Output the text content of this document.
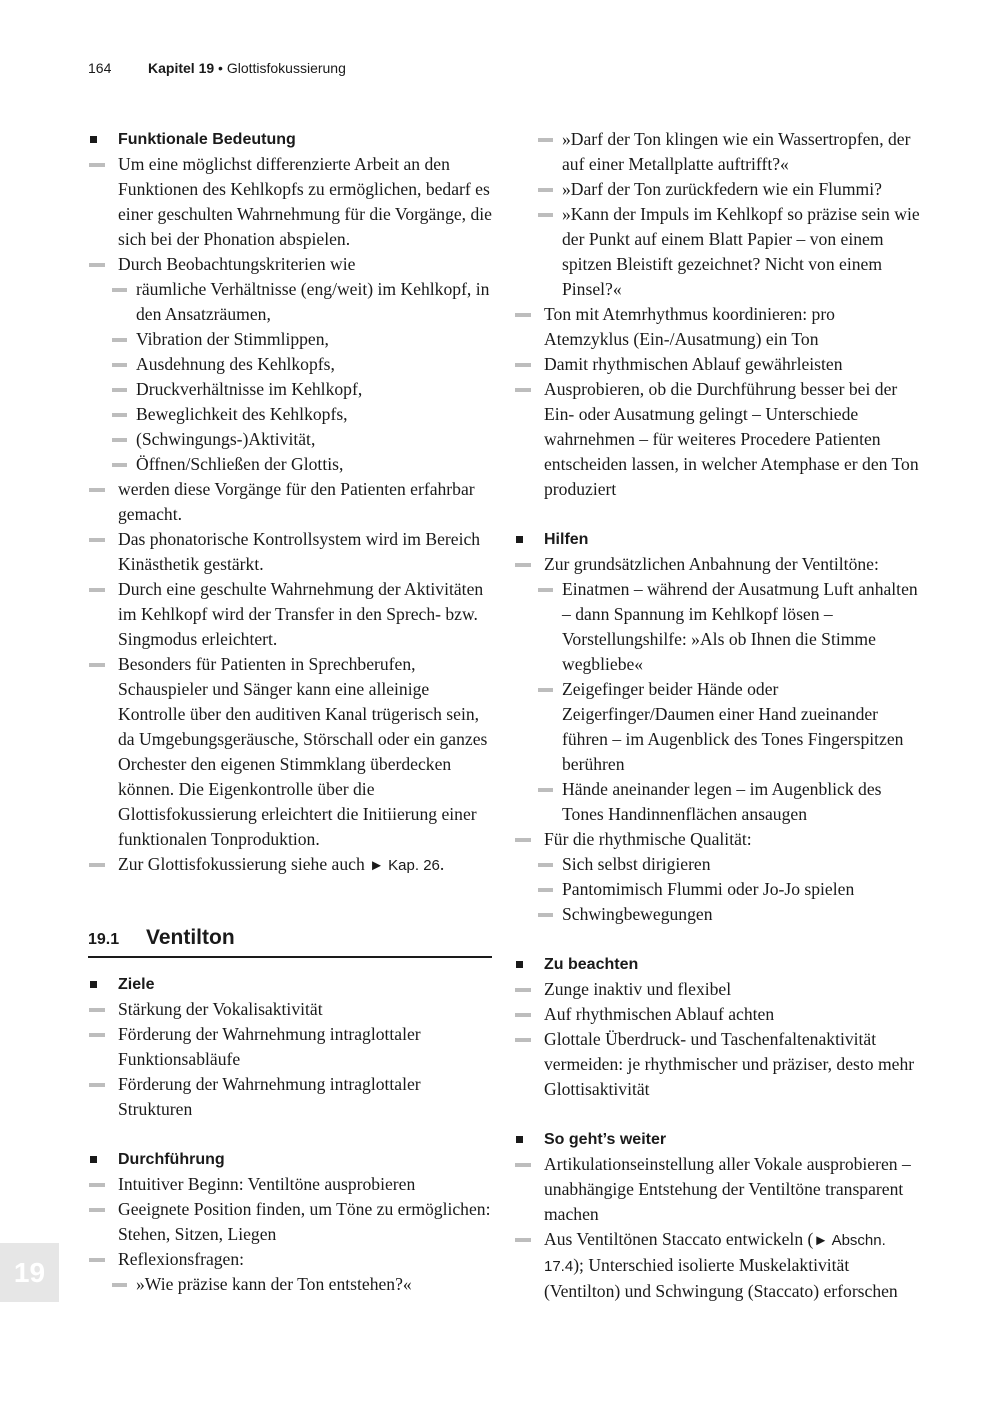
164	Kapitel 19 • Glottisfokussierung
Funktionale Bedeutung
Um eine möglichst differenzierte Arbeit an den Funktionen des Kehlkopfs zu ermöglichen, bedarf es einer geschulten Wahrnehmung für die Vorgänge, die sich bei der Phonation abspielen.
Durch Beobachtungskriterien wie
räumliche Verhältnisse (eng/weit) im Kehlkopf, in den Ansatzräumen,
Vibration der Stimmlippen,
Ausdehnung des Kehlkopfs,
Druckverhältnisse im Kehlkopf,
Beweglichkeit des Kehlkopfs,
(Schwingungs-)Aktivität,
Öffnen/Schließen der Glottis,
werden diese Vorgänge für den Patienten erfahrbar gemacht.
Das phonatorische Kontrollsystem wird im Bereich Kinästhetik gestärkt.
Durch eine geschulte Wahrnehmung der Aktivitäten im Kehlkopf wird der Transfer in den Sprech- bzw. Singmodus erleichtert.
Besonders für Patienten in Sprechberufen, Schauspieler und Sänger kann eine alleinige Kontrolle über den auditiven Kanal trügerisch sein, da Umgebungsgeräusche, Störschall oder ein ganzes Orchester den eigenen Stimmklang überdecken können. Die Eigenkontrolle über die Glottisfokussierung erleichtert die Initiierung einer funktionalen Tonproduktion.
Zur Glottisfokussierung siehe auch ► Kap. 26.
19.1 Ventilton
Ziele
Stärkung der Vokalisaktivität
Förderung der Wahrnehmung intraglottaler Funktionsabläufe
Förderung der Wahrnehmung intraglottaler Strukturen
Durchführung
Intuitiver Beginn: Ventiltöne ausprobieren
Geeignete Position finden, um Töne zu ermöglichen: Stehen, Sitzen, Liegen
Reflexionsfragen:
»Wie präzise kann der Ton entstehen?«
»Darf der Ton klingen wie ein Wassertropfen, der auf einer Metallplatte auftrifft?«
»Darf der Ton zurückfedern wie ein Flummi?
»Kann der Impuls im Kehlkopf so präzise sein wie der Punkt auf einem Blatt Papier – von einem spitzen Bleistift gezeichnet? Nicht von einem Pinsel?«
Ton mit Atemrhythmus koordinieren: pro Atemzyklus (Ein-/Ausatmung) ein Ton
Damit rhythmischen Ablauf gewährleisten
Ausprobieren, ob die Durchführung besser bei der Ein- oder Ausatmung gelingt – Unterschiede wahrnehmen – für weiteres Procedere Patienten entscheiden lassen, in welcher Atemphase er den Ton produziert
Hilfen
Zur grundsätzlichen Anbahnung der Ventiltöne:
Einatmen – während der Ausatmung Luft anhalten – dann Spannung im Kehlkopf lösen – Vorstellungshilfe: »Als ob Ihnen die Stimme wegbliebe«
Zeigefinger beider Hände oder Zeigerfinger/Daumen einer Hand zueinander führen – im Augenblick des Tones Fingerspitzen berühren
Hände aneinander legen – im Augenblick des Tones Handinnenflächen ansaugen
Für die rhythmische Qualität:
Sich selbst dirigieren
Pantomimisch Flummi oder Jo-Jo spielen
Schwingbewegungen
Zu beachten
Zunge inaktiv und flexibel
Auf rhythmischen Ablauf achten
Glottale Überdruck- und Taschenfaltenaktivität vermeiden: je rhythmischer und präziser, desto mehr Glottisaktivität
So geht’s weiter
Artikulationseinstellung aller Vokale ausprobieren – unabhängige Entstehung der Ventiltöne transparent machen
Aus Ventiltönen Staccato entwickeln (► Abschn. 17.4); Unterschied isolierte Muskelaktivität (Ventilton) und Schwingung (Staccato) erforschen
19
